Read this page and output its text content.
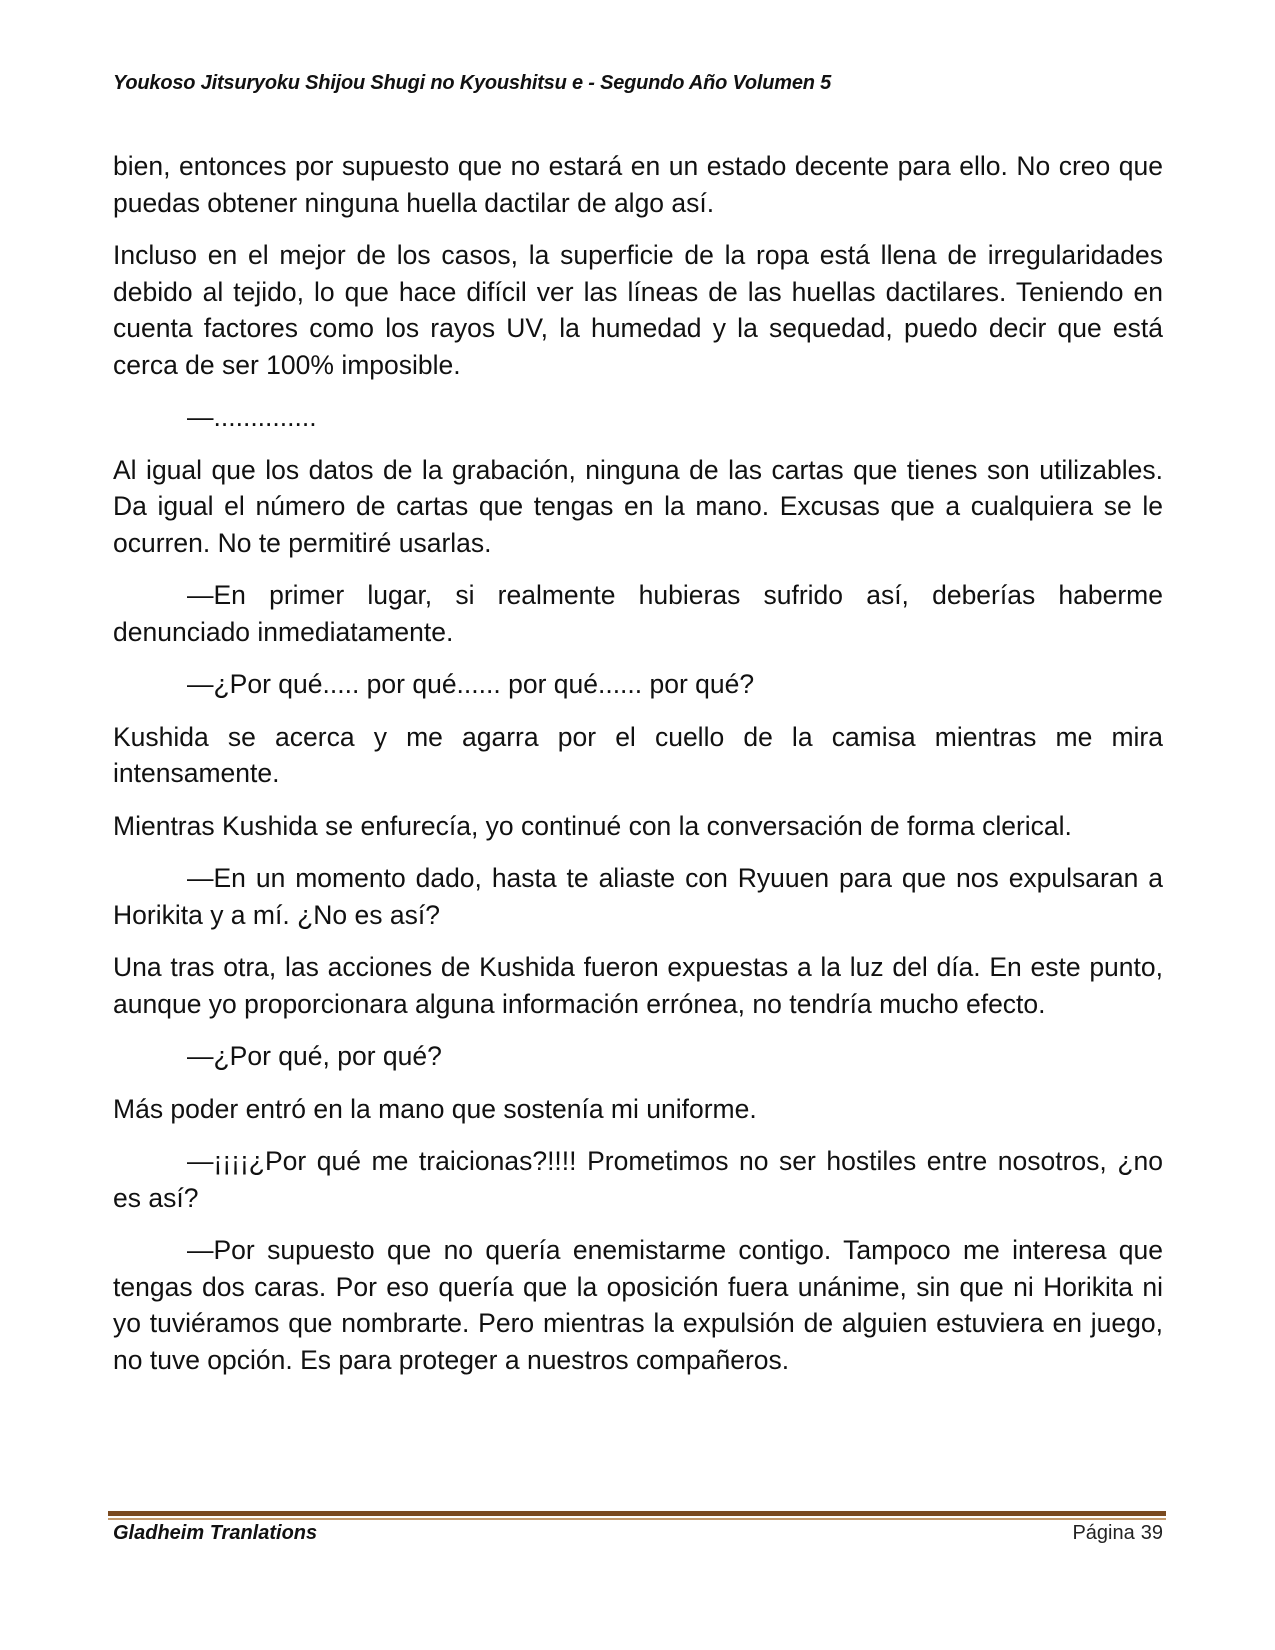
Youkoso Jitsuryoku Shijou Shugi no Kyoushitsu e - Segundo Año Volumen 5

bien, entonces por supuesto que no estará en un estado decente para ello. No creo que puedas obtener ninguna huella dactilar de algo así.

Incluso en el mejor de los casos, la superficie de la ropa está llena de irregularidades debido al tejido, lo que hace difícil ver las líneas de las huellas dactilares. Teniendo en cuenta factores como los rayos UV, la humedad y la sequedad, puedo decir que está cerca de ser 100% imposible.

—..............

Al igual que los datos de la grabación, ninguna de las cartas que tienes son utilizables. Da igual el número de cartas que tengas en la mano. Excusas que a cualquiera se le ocurren. No te permitiré usarlas.

—En primer lugar, si realmente hubieras sufrido así, deberías haberme denunciado inmediatamente.

—¿Por qué..... por qué...... por qué...... por qué?

Kushida se acerca y me agarra por el cuello de la camisa mientras me mira intensamente.

Mientras Kushida se enfurecía, yo continué con la conversación de forma clerical.

—En un momento dado, hasta te aliaste con Ryuuen para que nos expulsaran a Horikita y a mí. ¿No es así?

Una tras otra, las acciones de Kushida fueron expuestas a la luz del día. En este punto, aunque yo proporcionara alguna información errónea, no tendría mucho efecto.

—¿Por qué, por qué?

Más poder entró en la mano que sostenía mi uniforme.

—¡¡¡¡¿Por qué me traicionas?!!!! Prometimos no ser hostiles entre nosotros, ¿no es así?

—Por supuesto que no quería enemistarme contigo. Tampoco me interesa que tengas dos caras. Por eso quería que la oposición fuera unánime, sin que ni Horikita ni yo tuviéramos que nombrarte. Pero mientras la expulsión de alguien estuviera en juego, no tuve opción. Es para proteger a nuestros compañeros.

Gladheim Tranlations	Página 39
